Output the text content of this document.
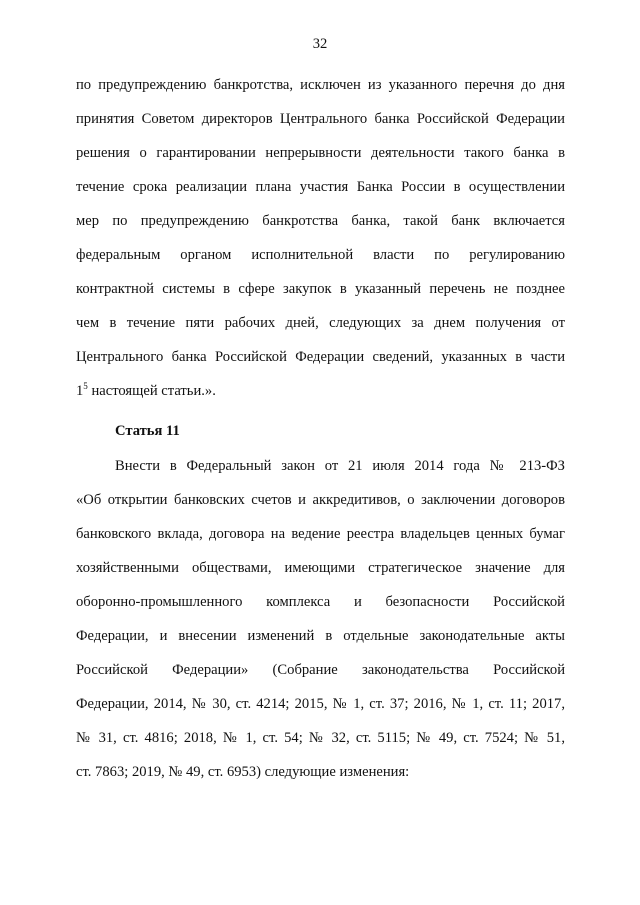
32
по предупреждению банкротства, исключен из указанного перечня до дня
принятия Советом директоров Центрального банка Российской Федерации
решения о гарантировании непрерывности деятельности такого банка в
течение срока реализации плана участия Банка России в осуществлении
мер по предупреждению банкротства банка, такой банк включается
федеральным органом исполнительной власти по регулированию
контрактной системы в сфере закупок в указанный перечень не позднее
чем в течение пяти рабочих дней, следующих за днем получения от
Центрального банка Российской Федерации сведений, указанных в части
$1^5$ настоящей статьи.».
Статья 11
Внести в Федеральный закон от 21 июля 2014 года № 213-ФЗ
«Об открытии банковских счетов и аккредитивов, о заключении договоров
банковского вклада, договора на ведение реестра владельцев ценных бумаг
хозяйственными обществами, имеющими стратегическое значение для
оборонно-промышленного комплекса и безопасности Российской
Федерации, и внесении изменений в отдельные законодательные акты
Российской Федерации» (Собрание законодательства Российской
Федерации, 2014, № 30, ст. 4214; 2015, № 1, ст. 37; 2016, № 1, ст. 11; 2017,
№ 31, ст. 4816; 2018, № 1, ст. 54; № 32, ст. 5115; № 49, ст. 7524; № 51,
ст. 7863; 2019, № 49, ст. 6953) следующие изменения:
